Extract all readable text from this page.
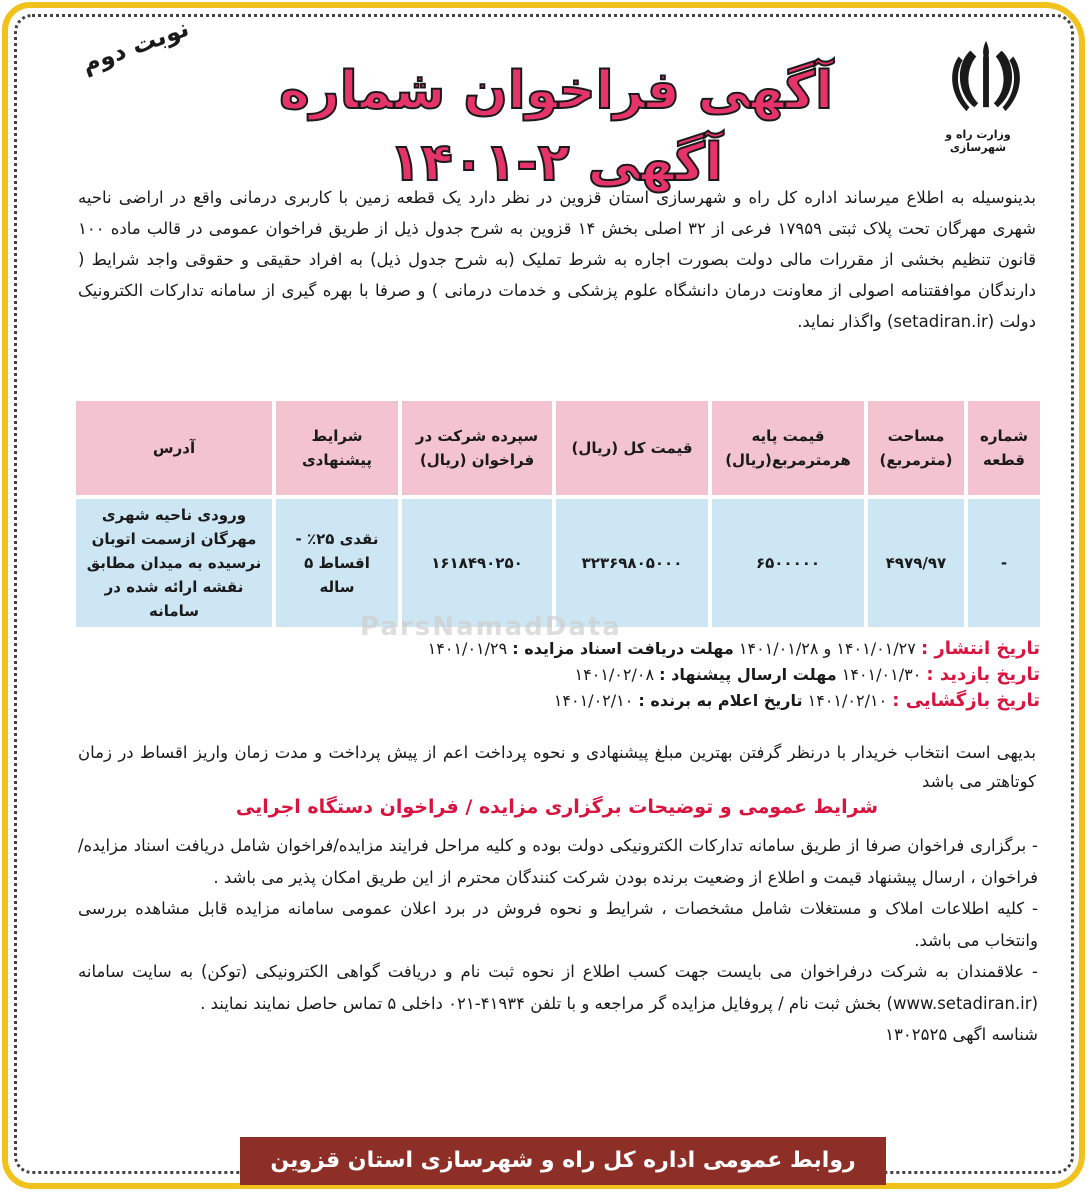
وزارت راه و شهرسازی
آگهی فراخوان شماره آگهی ۲-۱۴۰۱
نوبت دوم
بدینوسیله به اطلاع میرساند اداره کل راه و شهرسازی استان قزوین در نظر دارد یک قطعه زمین با کاربری درمانی واقع در اراضی ناحیه شهری مهرگان تحت پلاک ثبتی ۱۷۹۵۹ فرعی از ۳۲ اصلی بخش ۱۴ قزوین به شرح جدول ذیل از طریق فراخوان عمومی در قالب ماده ۱۰۰ قانون تنظیم بخشی از مقررات مالی دولت بصورت اجاره به شرط تملیک (به شرح جدول ذیل) به افراد حقیقی و حقوقی واجد شرایط ( دارندگان موافقتنامه اصولی از معاونت درمان دانشگاه علوم پزشکی و خدمات درمانی ) و صرفا با بهره گیری از سامانه تدارکات الکترونیک دولت (setadiran.ir) واگذار نماید.
شماره قطعه	مساحت (مترمربع)	قیمت پایه هرمترمربع(ریال)	قیمت کل (ریال)	سپرده شرکت در فراخوان (ریال)	شرایط پیشنهادی	آدرس
-	۴۹۷۹/۹۷	۶۵۰۰۰۰۰	۳۲۳۶۹۸۰۵۰۰۰	۱۶۱۸۴۹۰۲۵۰	نقدی ۲۵٪ - اقساط ۵ ساله	ورودی ناحیه شهری مهرگان ازسمت اتوبان نرسیده به میدان مطابق نقشه ارائه شده در سامانه
ParsNamadData
تاریخ انتشار : ۱۴۰۱/۰۱/۲۷ و ۱۴۰۱/۰۱/۲۸ مهلت دریافت اسناد مزایده : ۱۴۰۱/۰۱/۲۹
تاریخ بازدید : ۱۴۰۱/۰۱/۳۰ مهلت ارسال پیشنهاد : ۱۴۰۱/۰۲/۰۸
تاریخ بازگشایی : ۱۴۰۱/۰۲/۱۰ تاریخ اعلام به برنده : ۱۴۰۱/۰۲/۱۰
بدیهی است انتخاب خریدار با درنظر گرفتن بهترین مبلغ پیشنهادی و نحوه پرداخت اعم از پیش پرداخت و مدت زمان واریز اقساط در زمان کوتاهتر می باشد
شرایط عمومی و توضیحات برگزاری مزایده / فراخوان دستگاه اجرایی

- برگزاری فراخوان صرفا از طریق سامانه تدارکات الکترونیکی دولت بوده و کلیه مراحل فرایند مزایده/فراخوان شامل دریافت اسناد مزایده/فراخوان ، ارسال پیشنهاد قیمت و اطلاع از وضعیت برنده بودن شرکت کنندگان محترم از این طریق امکان پذیر می باشد .

- کلیه اطلاعات املاک و مستغلات شامل مشخصات ، شرایط و نحوه فروش در برد اعلان عمومی سامانه مزایده قابل مشاهده بررسی وانتخاب می باشد.

- علاقمندان به شرکت درفراخوان می بایست جهت کسب اطلاع از نحوه ثبت نام و دریافت گواهی الکترونیکی (توکن) به سایت سامانه (www.setadiran.ir) بخش ثبت نام / پروفایل مزایده گر مراجعه و با تلفن ۴۱۹۳۴-۰۲۱ داخلی ۵ تماس حاصل نمایند نمایند .

شناسه اگهی ۱۳۰۲۵۲۵

روابط عمومی اداره کل راه و شهرسازی استان قزوین
